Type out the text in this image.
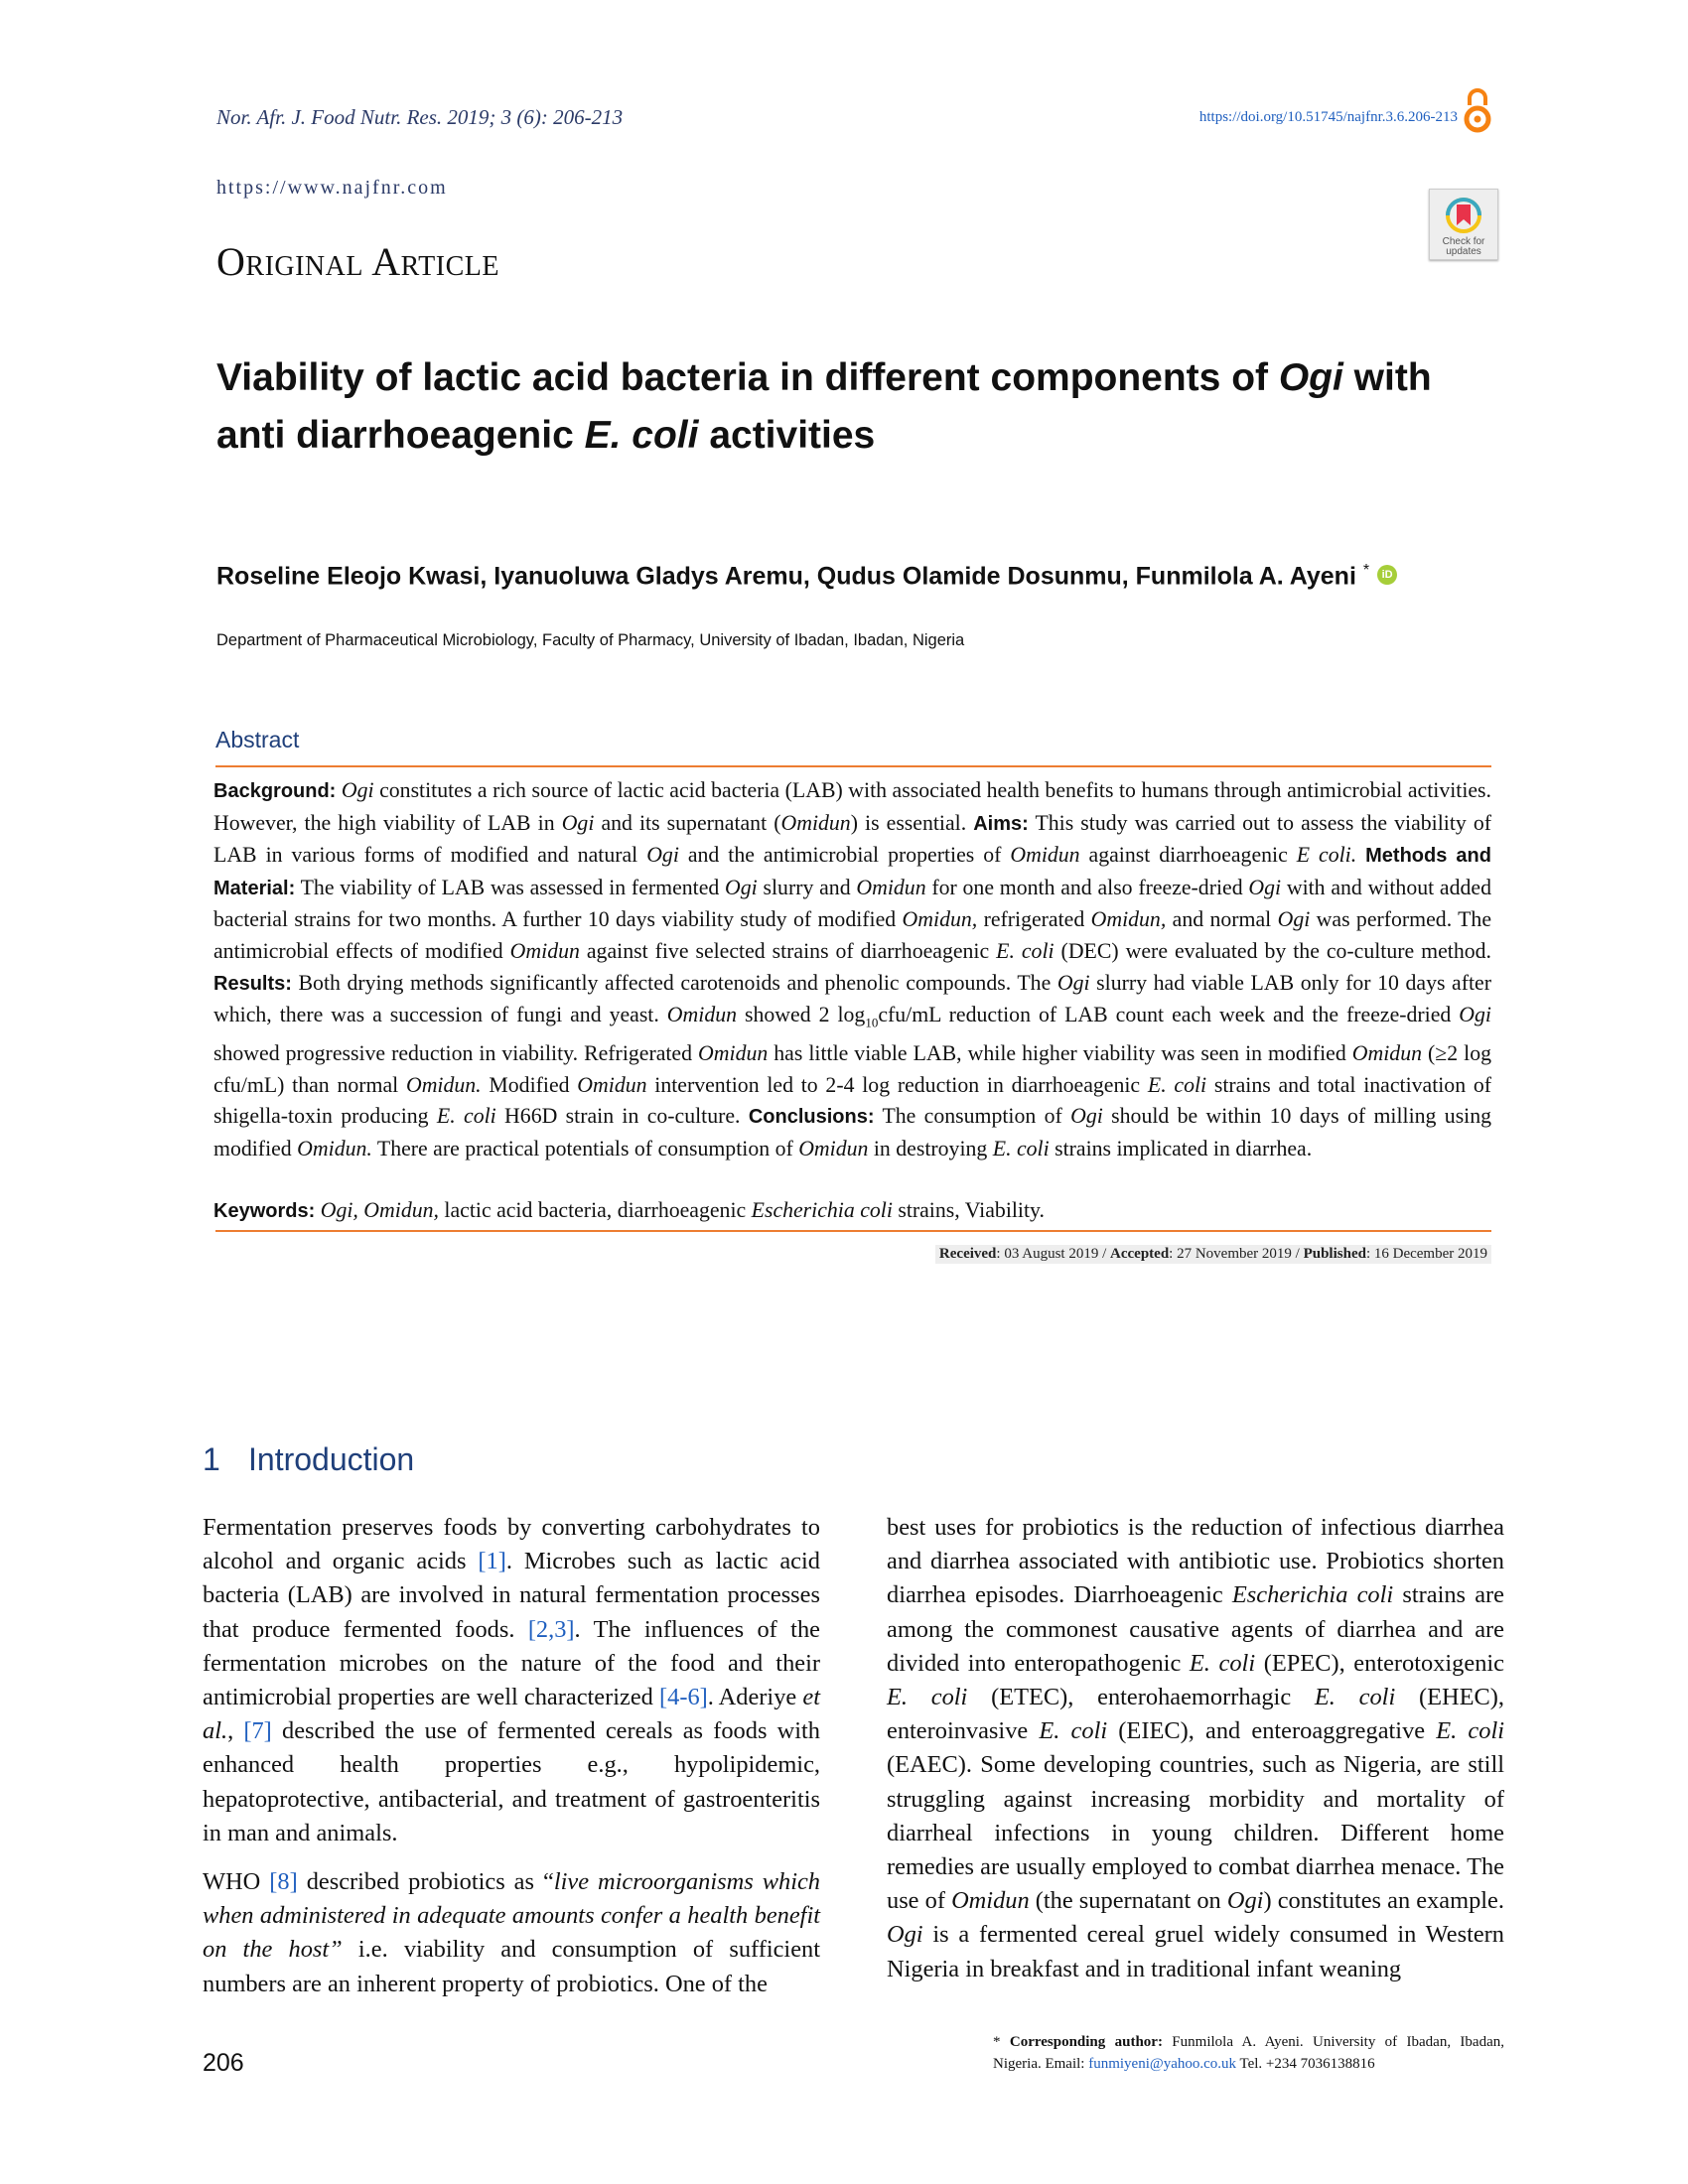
Nor. Afr. J. Food Nutr. Res. 2019; 3 (6): 206-213	https://doi.org/10.51745/najfnr.3.6.206-213
https://www.najfnr.com
Check for
updates
Original Article
Viability of lactic acid bacteria in different components of Ogi with anti diarrhoeagenic E. coli activities
Roseline Eleojo Kwasi, Iyanuoluwa Gladys Aremu, Qudus Olamide Dosunmu, Funmilola A. Ayeni * iD
Department of Pharmaceutical Microbiology, Faculty of Pharmacy, University of Ibadan, Ibadan, Nigeria
Abstract
Background: Ogi constitutes a rich source of lactic acid bacteria (LAB) with associated health benefits to humans through antimicrobial activities. However, the high viability of LAB in Ogi and its supernatant (Omidun) is essential. Aims: This study was carried out to assess the viability of LAB in various forms of modified and natural Ogi and the antimicrobial properties of Omidun against diarrhoeagenic E coli. Methods and Material: The viability of LAB was assessed in fermented Ogi slurry and Omidun for one month and also freeze-dried Ogi with and without added bacterial strains for two months. A further 10 days viability study of modified Omidun, refrigerated Omidun, and normal Ogi was performed. The antimicrobial effects of modified Omidun against five selected strains of diarrhoeagenic E. coli (DEC) were evaluated by the co-culture method. Results: Both drying methods significantly affected carotenoids and phenolic compounds. The Ogi slurry had viable LAB only for 10 days after which, there was a succession of fungi and yeast. Omidun showed 2 $\log_{10}cfu/mL$ reduction of LAB count each week and the freeze-dried Ogi showed progressive reduction in viability. Refrigerated Omidun has little viable LAB, while higher viability was seen in modified Omidun (≥2 log cfu/mL) than normal Omidun. Modified Omidun intervention led to 2-4 log reduction in diarrhoeagenic E. coli strains and total inactivation of shigella-toxin producing E. coli H66D strain in co-culture. Conclusions: The consumption of Ogi should be within 10 days of milling using modified Omidun. There are practical potentials of consumption of Omidun in destroying E. coli strains implicated in diarrhea.
Keywords: Ogi, Omidun, lactic acid bacteria, diarrhoeagenic Escherichia coli strains, Viability.
Received: 03 August 2019 / Accepted: 27 November 2019 / Published: 16 December 2019
1 Introduction

Fermentation preserves foods by converting carbohydrates to alcohol and organic acids [1]. Microbes such as lactic acid bacteria (LAB) are involved in natural fermentation processes that produce fermented foods. [2,3]. The influences of the fermentation microbes on the nature of the food and their antimicrobial properties are well characterized [4-6]. Aderiye et al., [7] described the use of fermented cereals as foods with enhanced health properties e.g., hypolipidemic, hepatoprotective, antibacterial, and treatment of gastroenteritis in man and animals.

WHO [8] described probiotics as “live microorganisms which when administered in adequate amounts confer a health benefit on the host” i.e. viability and consumption of sufficient numbers are an inherent property of probiotics. One of the

best uses for probiotics is the reduction of infectious diarrhea and diarrhea associated with antibiotic use. Probiotics shorten diarrhea episodes. Diarrhoeagenic Escherichia coli strains are among the commonest causative agents of diarrhea and are divided into enteropathogenic E. coli (EPEC), enterotoxigenic E. coli (ETEC), enterohaemorrhagic E. coli (EHEC), enteroinvasive E. coli (EIEC), and enteroaggregative E. coli (EAEC). Some developing countries, such as Nigeria, are still struggling against increasing morbidity and mortality of diarrheal infections in young children. Different home remedies are usually employed to combat diarrhea menace. The use of Omidun (the supernatant on Ogi) constitutes an example. Ogi is a fermented cereal gruel widely consumed in Western Nigeria in breakfast and in traditional infant weaning

* Corresponding author: Funmilola A. Ayeni. University of Ibadan, Ibadan, Nigeria. Email: funmiyeni@yahoo.co.uk Tel. +234 7036138816
206
